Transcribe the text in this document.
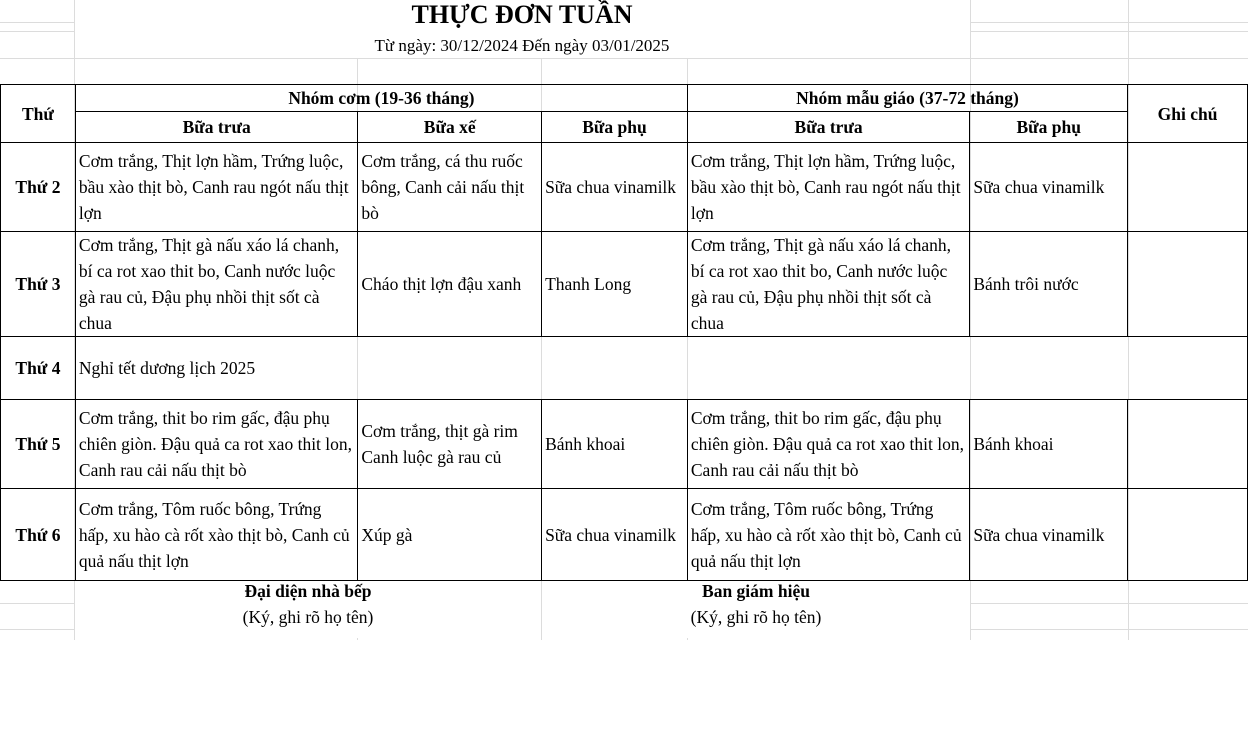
THỰC ĐƠN TUẦN
Từ ngày: 30/12/2024 Đến ngày 03/01/2025
Thứ	Nhóm cơm (19-36 tháng)			Nhóm mẫu giáo (37-72 tháng)		Ghi chú
	Bữa trưa	Bữa xế	Bữa phụ	Bữa trưa	Bữa phụ	
Thứ 2	Cơm trắng, Thịt lợn hầm, Trứng luộc, bầu xào thịt bò, Canh rau ngót nấu thịt lợn	Cơm trắng, cá thu ruốc bông, Canh cải nấu thịt bò	Sữa chua vinamilk	Cơm trắng, Thịt lợn hầm, Trứng luộc, bầu xào thịt bò, Canh rau ngót nấu thịt lợn	Sữa chua vinamilk	
Thứ 3	Cơm trắng, Thịt gà nấu xáo lá chanh, bí ca rot xao thit bo, Canh nước luộc gà rau củ, Đậu phụ nhồi thịt sốt cà chua	Cháo thịt lợn đậu xanh	Thanh Long	Cơm trắng, Thịt gà nấu xáo lá chanh, bí ca rot xao thit bo, Canh nước luộc gà rau củ, Đậu phụ nhồi thịt sốt cà chua	Bánh trôi nước	
Thứ 4	Nghỉ tết dương lịch 2025					
Thứ 5	Cơm trắng, thit bo rim gấc, đậu phụ chiên giòn. Đậu quả ca rot xao thit lon, Canh rau cải nấu thịt bò	Cơm trắng, thịt gà rim Canh luộc gà rau củ	Bánh khoai	Cơm trắng, thit bo rim gấc, đậu phụ chiên giòn. Đậu quả ca rot xao thit lon, Canh rau cải nấu thịt bò	Bánh khoai	
Thứ 6	Cơm trắng, Tôm ruốc bông, Trứng hấp, xu hào cà rốt xào thịt bò, Canh củ quả nấu thịt lợn	Xúp gà	Sữa chua vinamilk	Cơm trắng, Tôm ruốc bông, Trứng hấp, xu hào cà rốt xào thịt bò, Canh củ quả nấu thịt lợn	Sữa chua vinamilk	
Đại diện nhà bếp
(Ký, ghi rõ họ tên)
Ban giám hiệu
(Ký, ghi rõ họ tên)
